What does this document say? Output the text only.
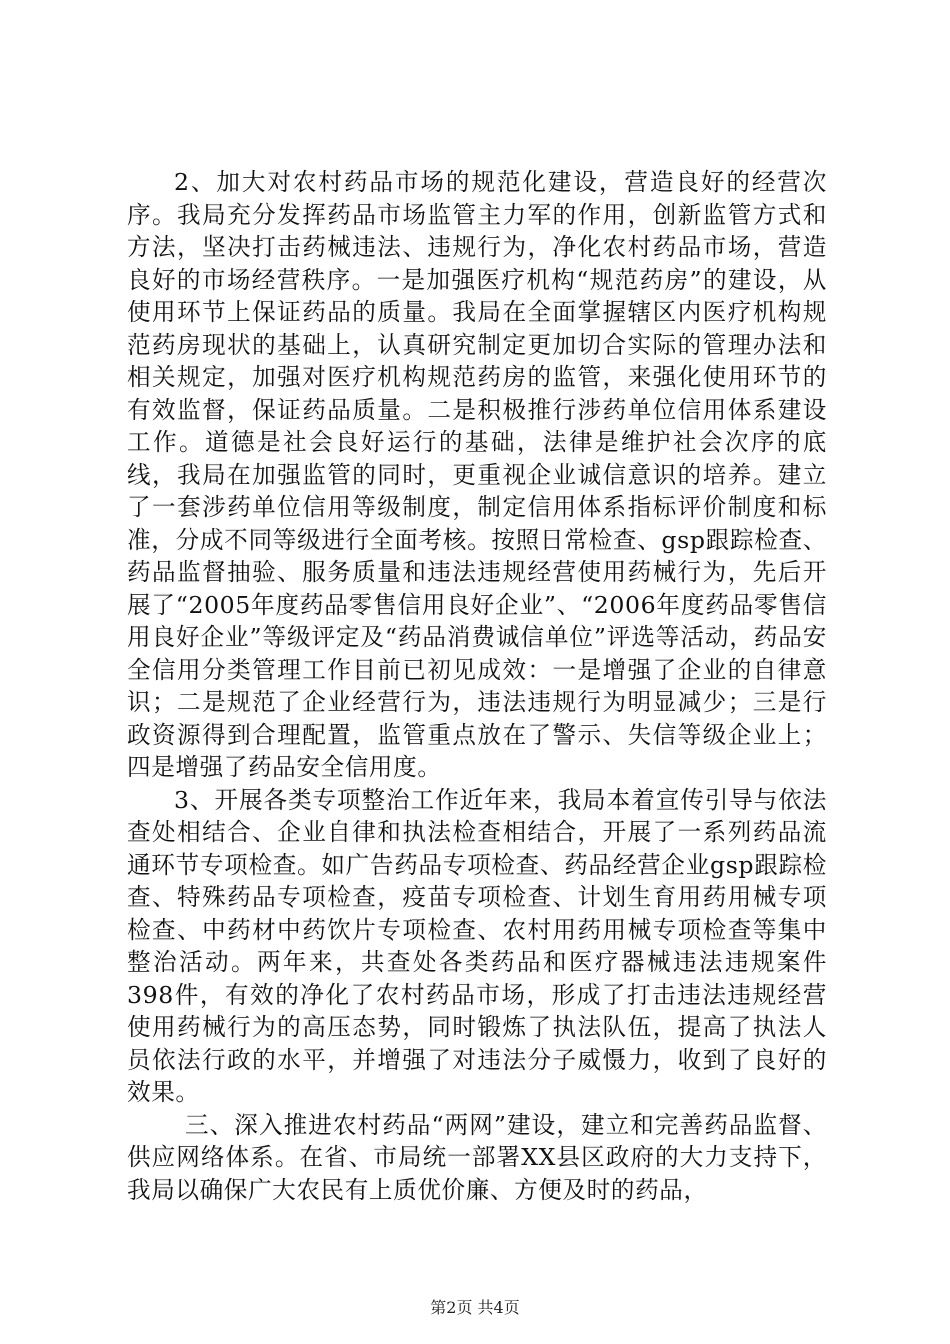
2、加大对农村药品市场的规范化建设，营造良好的经营次序。我局充分发挥药品市场监管主力军的作用，创新监管方式和方法，坚决打击药械违法、违规行为，净化农村药品市场，营造良好的市场经营秩序。一是加强医疗机构“规范药房”的建设，从使用环节上保证药品的质量。我局在全面掌握辖区内医疗机构规范药房现状的基础上，认真研究制定更加切合实际的管理办法和相关规定，加强对医疗机构规范药房的监管，来强化使用环节的有效监督，保证药品质量。二是积极推行涉药单位信用体系建设工作。道德是社会良好运行的基础，法律是维护社会次序的底线，我局在加强监管的同时，更重视企业诚信意识的培养。建立了一套涉药单位信用等级制度，制定信用体系指标评价制度和标准，分成不同等级进行全面考核。按照日常检查、gsp跟踪检查、药品监督抽验、服务质量和违法违规经营使用药械行为，先后开展了“2005年度药品零售信用良好企业”、“2006年度药品零售信用良好企业”等级评定及“药品消费诚信单位”评选等活动，药品安全信用分类管理工作目前已初见成效：一是增强了企业的自律意识；二是规范了企业经营行为，违法违规行为明显减少；三是行政资源得到合理配置，监管重点放在了警示、失信等级企业上；四是增强了药品安全信用度。

3、开展各类专项整治工作近年来，我局本着宣传引导与依法查处相结合、企业自律和执法检查相结合，开展了一系列药品流通环节专项检查。如广告药品专项检查、药品经营企业gsp跟踪检查、特殊药品专项检查，疫苗专项检查、计划生育用药用械专项检查、中药材中药饮片专项检查、农村用药用械专项检查等集中整治活动。两年来，共查处各类药品和医疗器械违法违规案件398件，有效的净化了农村药品市场，形成了打击违法违规经营使用药械行为的高压态势，同时锻炼了执法队伍，提高了执法人员依法行政的水平，并增强了对违法分子威慑力，收到了良好的效果。

三、深入推进农村药品“两网”建设，建立和完善药品监督、供应网络体系。在省、市局统一部署XX县区政府的大力支持下，我局以确保广大农民有上质优价廉、方便及时的药品，

第2页 共4页
